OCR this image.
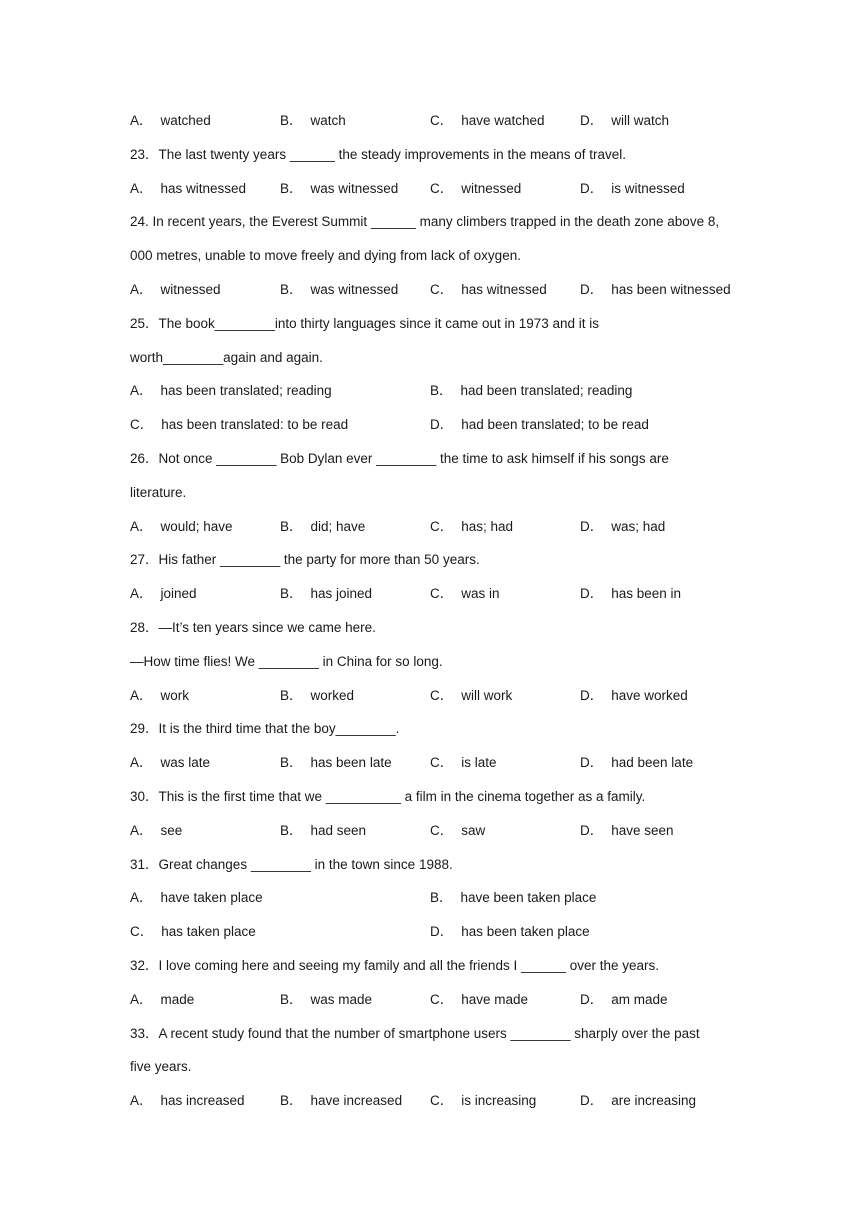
A． watched	B． watch	C． have watched	D． will watch
23．The last twenty years ______ the steady improvements in the means of travel.
A． has witnessed	B． was witnessed C． witnessed	D． is witnessed
24. In recent years, the Everest Summit ______ many climbers trapped in the death zone above 8,
000 metres, unable to move freely and dying from lack of oxygen.
A． witnessed	B． was witnessed C． has witnessed D． has been witnessed
25．The book________into thirty languages since it came out in 1973 and it is
worth________again and again.
A． has been translated; reading	B． had been translated; reading
C． has been translated: to be read	D． had been translated; to be read
26．Not once ________ Bob Dylan ever ________ the time to ask himself if his songs are
literature.
A． would; have	B． did; have	C． has; had	D． was; had
27．His father ________ the party for more than 50 years.
A． joined	B． has joined	C． was in	D． has been in
28．—It’s ten years since we came here.
—How time flies! We ________ in China for so long.
A． work	B． worked	C． will work	D． have worked
29．It is the third time that the boy________.
A． was late	B． has been late	C． is late	D． had been late
30．This is the first time that we __________ a film in the cinema together as a family.
A． see	B． had seen	C． saw	D． have seen
31．Great changes ________ in the town since 1988.
A． have taken place	B． have been taken place
C． has taken place	D． has been taken place
32．I love coming here and seeing my family and all the friends I ______ over the years.
A． made	B． was made	C． have made	D． am made
33．A recent study found that the number of smartphone users ________ sharply over the past
five years.
A． has increased	B． have increased C． is increasing	D． are increasing
